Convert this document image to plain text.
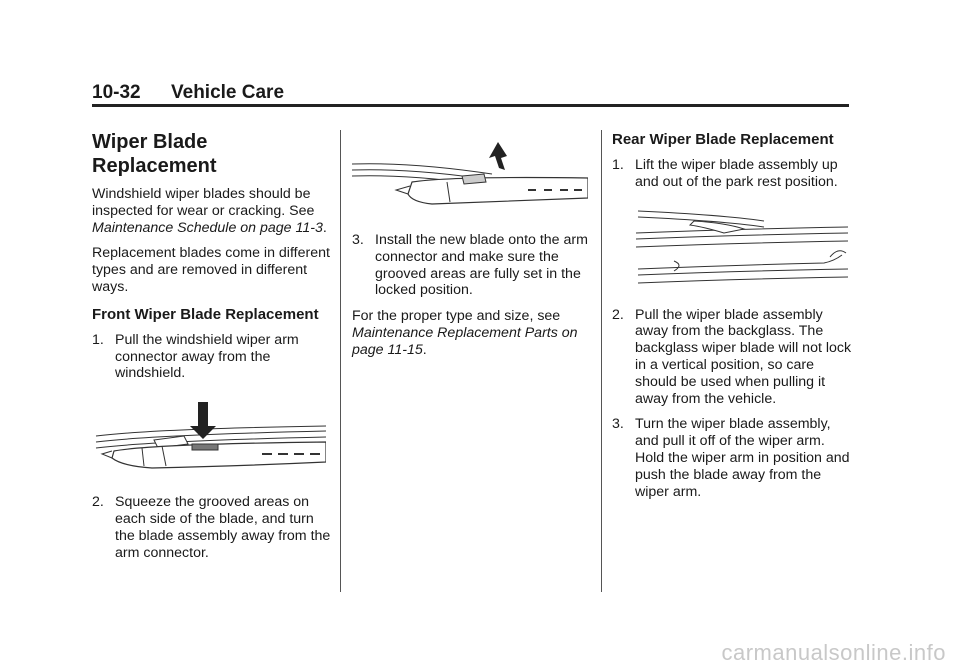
10-32 Vehicle Care
Wiper Blade Replacement

Windshield wiper blades should be inspected for wear or cracking. See Maintenance Schedule on page 11-3.

Replacement blades come in different types and are removed in different ways.

Front Wiper Blade Replacement
1. Pull the windshield wiper arm connector away from the windshield.
2. Squeeze the grooved areas on each side of the blade, and turn the blade assembly away from the arm connector.
3. Install the new blade onto the arm connector and make sure the grooved areas are fully set in the locked position.

For the proper type and size, see Maintenance Replacement Parts on page 11-15.

Rear Wiper Blade Replacement
1. Lift the wiper blade assembly up and out of the park rest position.
2. Pull the wiper blade assembly away from the backglass. The backglass wiper blade will not lock in a vertical position, so care should be used when pulling it away from the vehicle.
3. Turn the wiper blade assembly, and pull it off of the wiper arm. Hold the wiper arm in position and push the blade away from the wiper arm.
carmanualsonline.info
